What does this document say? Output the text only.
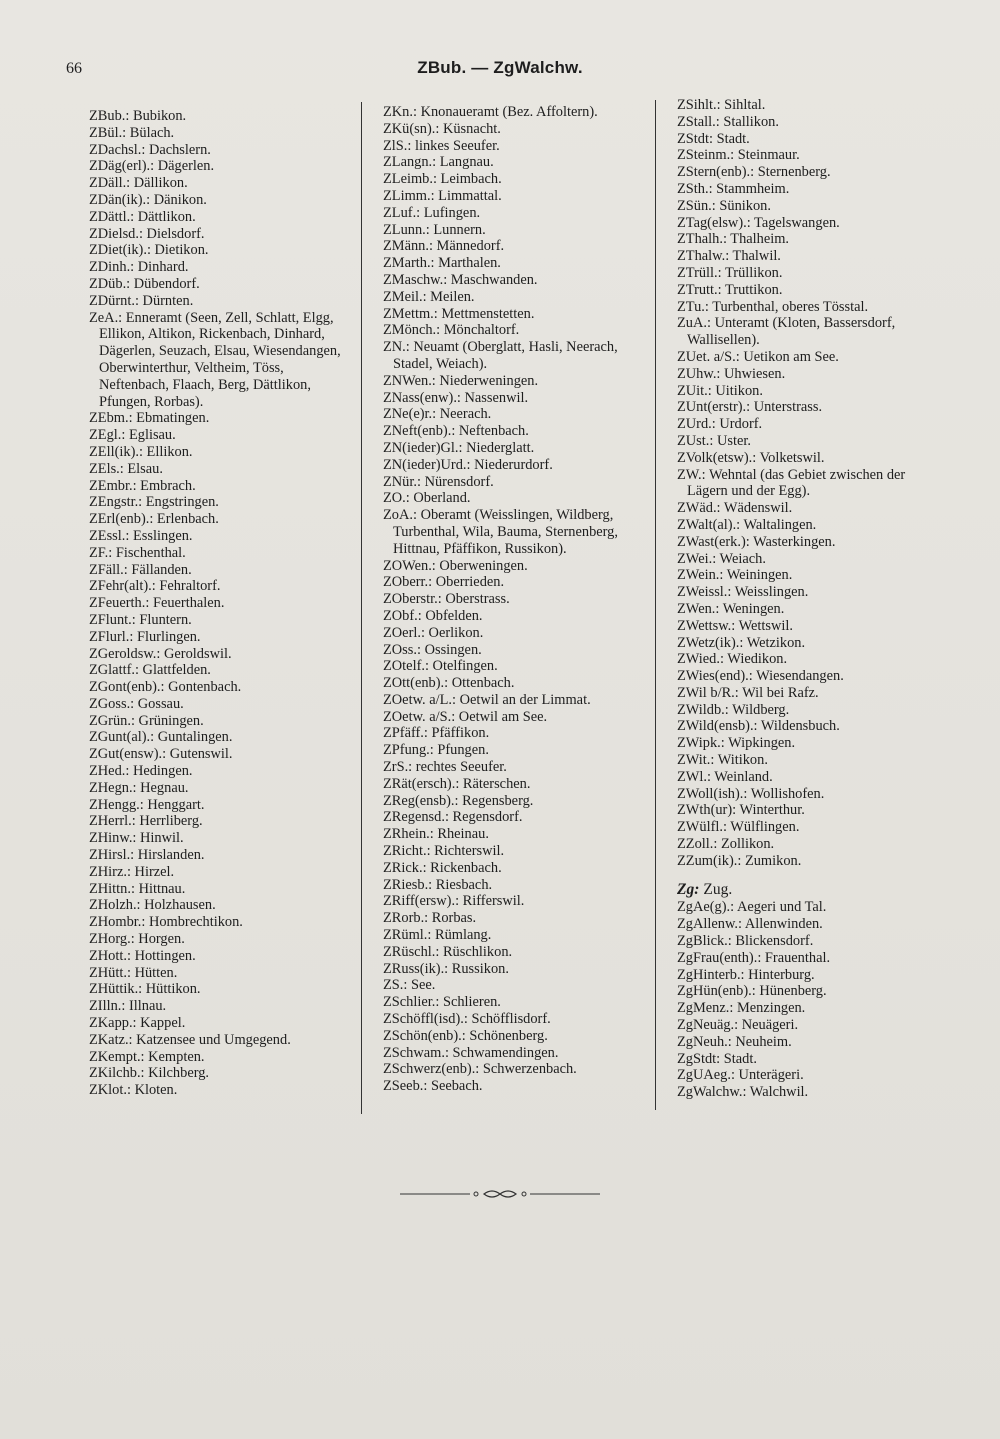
66	ZBub. — ZgWalchw.
ZBub.: Bubikon.
ZBül.: Bülach.
ZDachsl.: Dachslern.
ZDäg(erl).: Dägerlen.
ZDäll.: Dällikon.
ZDän(ik).: Dänikon.
ZDättl.: Dättlikon.
ZDielsd.: Dielsdorf.
ZDiet(ik).: Dietikon.
ZDinh.: Dinhard.
ZDüb.: Dübendorf.
ZDürnt.: Dürnten.
ZeA.: Enneramt (Seen, Zell, Schlatt, Elgg, Ellikon, Altikon, Rickenbach, Dinhard, Dägerlen, Seuzach, Elsau, Wiesendangen, Oberwinterthur, Veltheim, Töss, Neftenbach, Flaach, Berg, Dättlikon, Pfungen, Rorbas).
ZEbm.: Ebmatingen.
ZEgl.: Eglisau.
ZEll(ik).: Ellikon.
ZEls.: Elsau.
ZEmbr.: Embrach.
ZEngstr.: Engstringen.
ZErl(enb).: Erlenbach.
ZEssl.: Esslingen.
ZF.: Fischenthal.
ZFäll.: Fällanden.
ZFehr(alt).: Fehraltorf.
ZFeuerth.: Feuerthalen.
ZFlunt.: Fluntern.
ZFlurl.: Flurlingen.
ZGeroldsw.: Geroldswil.
ZGlattf.: Glattfelden.
ZGont(enb).: Gontenbach.
ZGoss.: Gossau.
ZGrün.: Grüningen.
ZGunt(al).: Guntalingen.
ZGut(ensw).: Gutenswil.
ZHed.: Hedingen.
ZHegn.: Hegnau.
ZHengg.: Henggart.
ZHerrl.: Herrliberg.
ZHinw.: Hinwil.
ZHirsl.: Hirslanden.
ZHirz.: Hirzel.
ZHittn.: Hittnau.
ZHolzh.: Holzhausen.
ZHombr.: Hombrechtikon.
ZHorg.: Horgen.
ZHott.: Hottingen.
ZHütt.: Hütten.
ZHüttik.: Hüttikon.
ZIlln.: Illnau.
ZKapp.: Kappel.
ZKatz.: Katzensee und Umgegend.
ZKempt.: Kempten.
ZKilchb.: Kilchberg.
ZKlot.: Kloten.
ZKn.: Knonaueramt (Bez. Affoltern).
ZKü(sn).: Küsnacht.
ZlS.: linkes Seeufer.
ZLangn.: Langnau.
ZLeimb.: Leimbach.
ZLimm.: Limmattal.
ZLuf.: Lufingen.
ZLunn.: Lunnern.
ZMänn.: Männedorf.
ZMarth.: Marthalen.
ZMaschw.: Maschwanden.
ZMeil.: Meilen.
ZMettm.: Mettmenstetten.
ZMönch.: Mönchaltorf.
ZN.: Neuamt (Oberglatt, Hasli, Neerach, Stadel, Weiach).
ZNWen.: Niederweningen.
ZNass(enw).: Nassenwil.
ZNe(e)r.: Neerach.
ZNeft(enb).: Neftenbach.
ZN(ieder)Gl.: Niederglatt.
ZN(ieder)Urd.: Niederurdorf.
ZNür.: Nürensdorf.
ZO.: Oberland.
ZoA.: Oberamt (Weisslingen, Wildberg, Turbenthal, Wila, Bauma, Sternenberg, Hittnau, Pfäffikon, Russikon).
ZOWen.: Oberweningen.
ZOberr.: Oberrieden.
ZOberstr.: Oberstrass.
ZObf.: Obfelden.
ZOerl.: Oerlikon.
ZOss.: Ossingen.
ZOtelf.: Otelfingen.
ZOtt(enb).: Ottenbach.
ZOetw. a/L.: Oetwil an der Limmat.
ZOetw. a/S.: Oetwil am See.
ZPfäff.: Pfäffikon.
ZPfung.: Pfungen.
ZrS.: rechtes Seeufer.
ZRät(ersch).: Räterschen.
ZReg(ensb).: Regensberg.
ZRegensd.: Regensdorf.
ZRhein.: Rheinau.
ZRicht.: Richterswil.
ZRick.: Rickenbach.
ZRiesb.: Riesbach.
ZRiff(ersw).: Rifferswil.
ZRorb.: Rorbas.
ZRüml.: Rümlang.
ZRüschl.: Rüschlikon.
ZRuss(ik).: Russikon.
ZS.: See.
ZSchlier.: Schlieren.
ZSchöffl(isd).: Schöfflisdorf.
ZSchön(enb).: Schönenberg.
ZSchwam.: Schwamendingen.
ZSchwerz(enb).: Schwerzenbach.
ZSeeb.: Seebach.
ZSihlt.: Sihltal.
ZStall.: Stallikon.
ZStdt: Stadt.
ZSteinm.: Steinmaur.
ZStern(enb).: Sternenberg.
ZSth.: Stammheim.
ZSün.: Sünikon.
ZTag(elsw).: Tagelswangen.
ZThalh.: Thalheim.
ZThalw.: Thalwil.
ZTrüll.: Trüllikon.
ZTrutt.: Truttikon.
ZTu.: Turbenthal, oberes Tösstal.
ZuA.: Unteramt (Kloten, Bassersdorf, Wallisellen).
ZUet. a/S.: Uetikon am See.
ZUhw.: Uhwiesen.
ZUit.: Uitikon.
ZUnt(erstr).: Unterstrass.
ZUrd.: Urdorf.
ZUst.: Uster.
ZVolk(etsw).: Volketswil.
ZW.: Wehntal (das Gebiet zwischen der Lägern und der Egg).
ZWäd.: Wädenswil.
ZWalt(al).: Waltalingen.
ZWast(erk.): Wasterkingen.
ZWei.: Weiach.
ZWein.: Weiningen.
ZWeissl.: Weisslingen.
ZWen.: Weningen.
ZWettsw.: Wettswil.
ZWetz(ik).: Wetzikon.
ZWied.: Wiedikon.
ZWies(end).: Wiesendangen.
ZWil b/R.: Wil bei Rafz.
ZWildb.: Wildberg.
ZWild(ensb).: Wildensbuch.
ZWipk.: Wipkingen.
ZWit.: Witikon.
ZWl.: Weinland.
ZWoll(ish).: Wollishofen.
ZWth(ur): Winterthur.
ZWülfl.: Wülflingen.
ZZoll.: Zollikon.
ZZum(ik).: Zumikon.
Zg: Zug.
ZgAe(g).: Aegeri und Tal.
ZgAllenw.: Allenwinden.
ZgBlick.: Blickensdorf.
ZgFrau(enth).: Frauenthal.
ZgHinterb.: Hinterburg.
ZgHün(enb).: Hünenberg.
ZgMenz.: Menzingen.
ZgNeuäg.: Neuägeri.
ZgNeuh.: Neuheim.
ZgStdt: Stadt.
ZgUAeg.: Unterägeri.
ZgWalchw.: Walchwil.
